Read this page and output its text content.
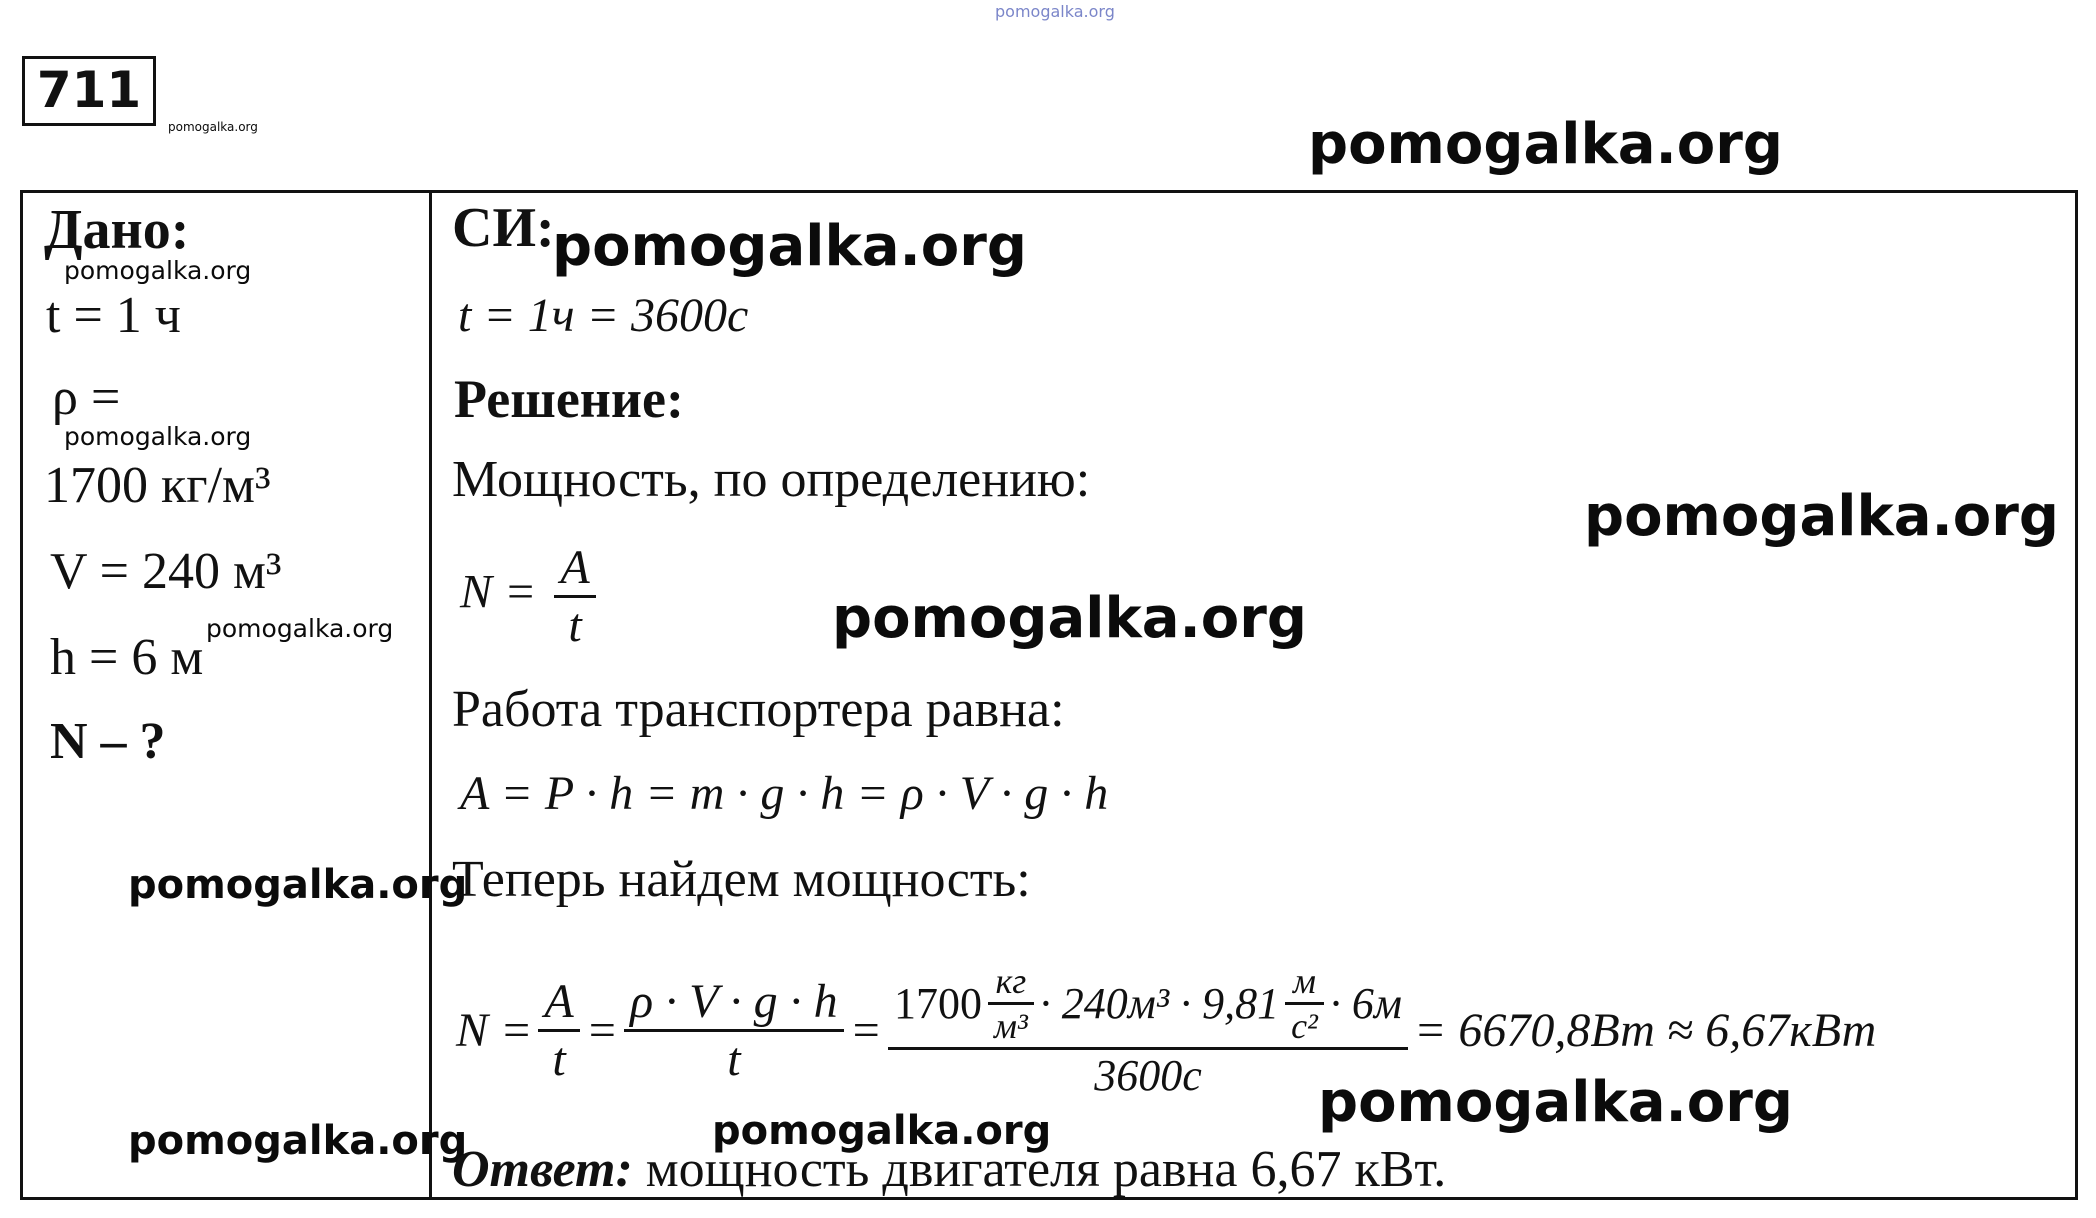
pomogalka.org
711
pomogalka.org	pomogalka.org
Дано:
pomogalka.org
t = 1 ч
ρ =
pomogalka.org
1700 кг/м³
V = 240 м³
h = 6 м
pomogalka.org
N – ?
pomogalka.org
pomogalka.org
СИ:
pomogalka.org
t = 1ч = 3600с
Решение:
Мощность, по определению:
pomogalka.org
$N = \frac{A}{t}$	pomogalka.org
Работа транспортера равна:
A = P · h = m · g · h = ρ · V · g · h
Теперь найдем мощность:
$N = \frac{A}{t} = \frac{\rho \cdot V \cdot g \cdot h}{t}$ =
$1700 \frac{кг}{\text{м³}} \cdot 240м^3 \cdot 9,81 \frac{м}{\text{с²}} \cdot 6м$
3600с
= 6670,8Вт ≈ 6,67кВт
pomogalka.org
pomogalka.org
Ответ: мощность двигателя равна 6,67 кВт.
